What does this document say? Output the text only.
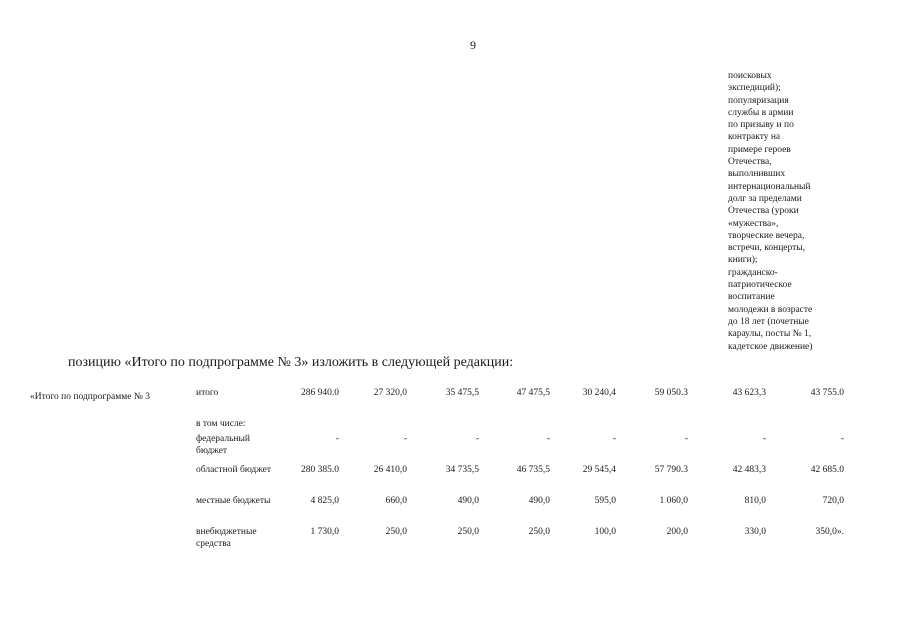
9
поисковых
экспедиций);
популяризация
службы в армии
по призыву и по
контракту на
примере героев
Отечества,
выполнивших
интернациональный
долг за пределами
Отечества (уроки
«мужества»,
творческие вечера,
встречи, концерты,
книги);
гражданско-
патриотическое
воспитание
молодежи в возрасте
до 18 лет (почетные
караулы, посты № 1,
кадетское движение)
позицию «Итого по подпрограмме № 3» изложить в следующей редакции:
«Итого по подпрограмме № 3	итого	286 940.0	27 320,0	35 475,5	47 475,5	30 240,4	59 050.3	43 623,3	43 755.0
в том числе:								
федеральный бюджет	-	-	-	-	-	-	-	-
областной бюджет	280 385.0	26 410,0	34 735,5	46 735,5	29 545,4	57 790.3	42 483,3	42 685.0
местные бюджеты	4 825,0	660,0	490,0	490,0	595,0	1 060,0	810,0	720,0
внебюджетные средства	1 730,0	250,0	250,0	250,0	100,0	200,0	330,0	350,0».
